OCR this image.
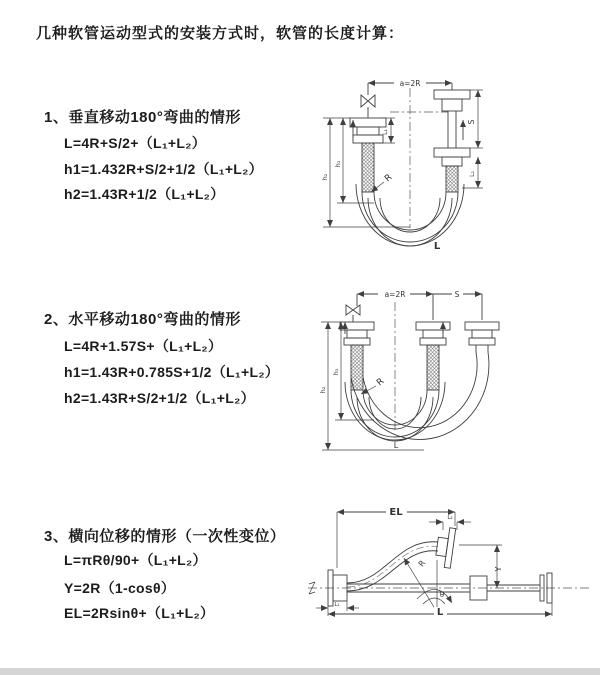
几种软管运动型式的安装方式时，软管的长度计算：
1、垂直移动180°弯曲的情形
L=4R+S/2+（L₁+L₂）
h1=1.432R+S/2+1/2（L₁+L₂）
h2=1.43R+1/2（L₁+L₂）
2、水平移动180°弯曲的情形
L=4R+1.57S+（L₁+L₂）
h1=1.43R+0.785S+1/2（L₁+L₂）
h2=1.43R+S/2+1/2（L₁+L₂）
3、横向位移的情形（一次性变位）
L=πRθ/90+（L₁+L₂）
Y=2R（1-cosθ）
EL=2Rsinθ+（L₁+L₂）
a=2R
S
L₁
L₂
h₁
h₂	R
L
a=2R	S
h₁
h₂
R
L
EL
L
L₁
L₂
Y
R
θ
